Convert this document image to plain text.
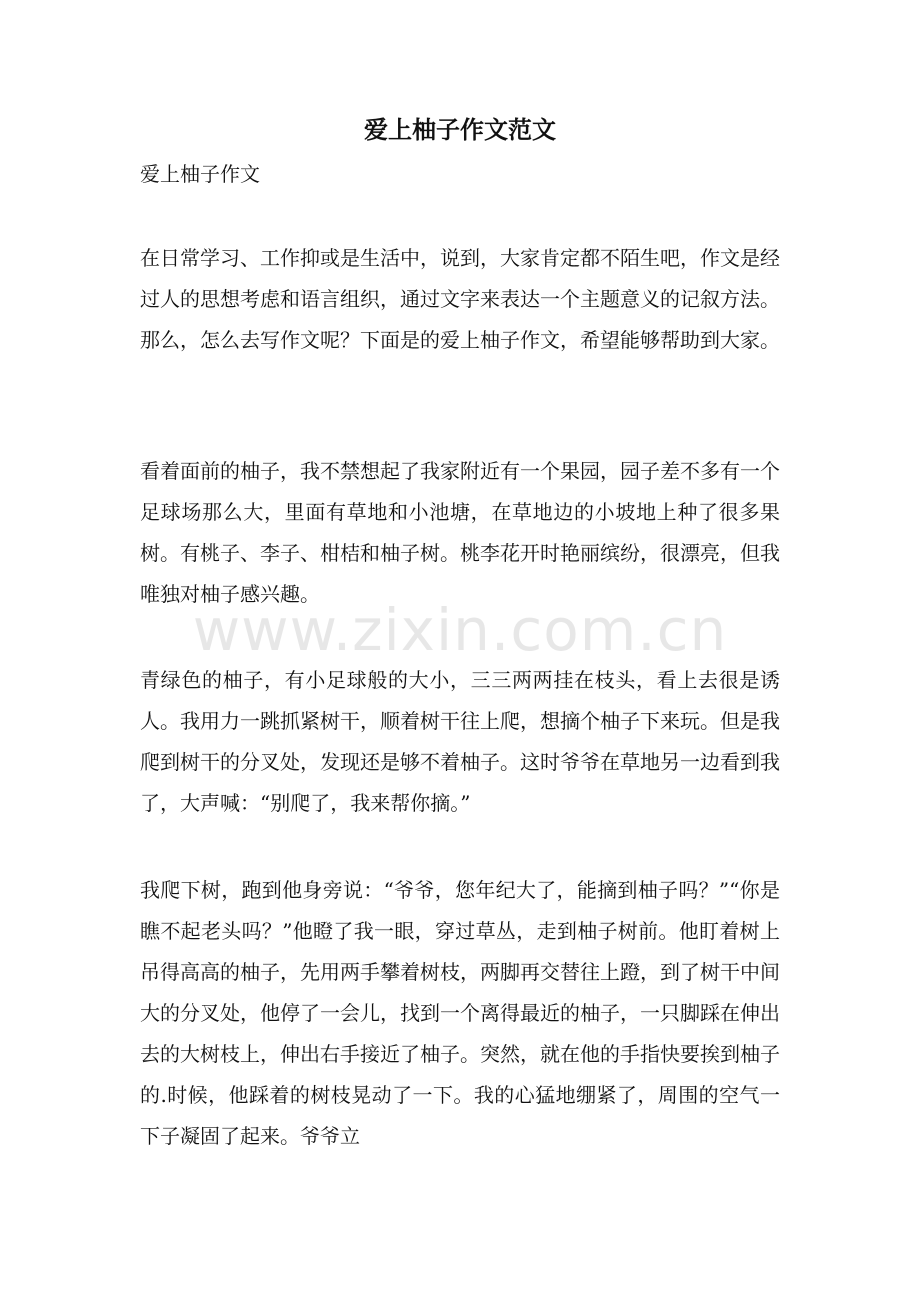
爱上柚子作文范文

爱上柚子作文

在日常学习、工作抑或是生活中，说到，大家肯定都不陌生吧，作文是经过人的思想考虑和语言组织，通过文字来表达一个主题意义的记叙方法。那么，怎么去写作文呢？下面是的爱上柚子作文，希望能够帮助到大家。

看着面前的柚子，我不禁想起了我家附近有一个果园，园子差不多有一个足球场那么大，里面有草地和小池塘，在草地边的小坡地上种了很多果树。有桃子、李子、柑桔和柚子树。桃李花开时艳丽缤纷，很漂亮，但我唯独对柚子感兴趣。

青绿色的柚子，有小足球般的大小，三三两两挂在枝头，看上去很是诱人。我用力一跳抓紧树干，顺着树干往上爬，想摘个柚子下来玩。但是我爬到树干的分叉处，发现还是够不着柚子。这时爷爷在草地另一边看到我了，大声喊：“别爬了，我来帮你摘。”

我爬下树，跑到他身旁说：“爷爷，您年纪大了，能摘到柚子吗？”“你是瞧不起老头吗？”他瞪了我一眼，穿过草丛，走到柚子树前。他盯着树上吊得高高的柚子，先用两手攀着树枝，两脚再交替往上蹬，到了树干中间大的分叉处，他停了一会儿，找到一个离得最近的柚子，一只脚踩在伸出去的大树枝上，伸出右手接近了柚子。突然，就在他的手指快要挨到柚子的.时候，他踩着的树枝晃动了一下。我的心猛地绷紧了，周围的空气一下子凝固了起来。爷爷立

www.zixin.com.cn
